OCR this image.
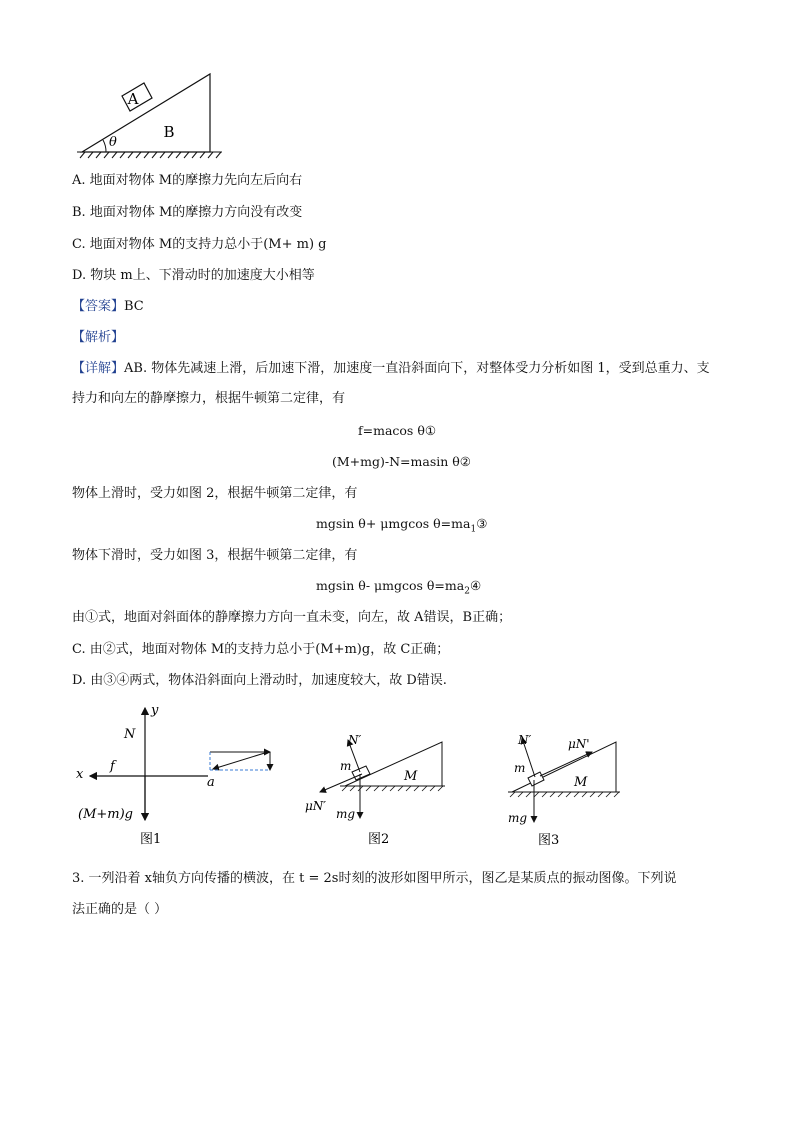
A
B
θ
A. 地面对物体 M的摩擦力先向左后向右
B. 地面对物体 M的摩擦力方向没有改变
C. 地面对物体 M的支持力总小于(M+ m) g
D. 物块 m上、下滑动时的加速度大小相等
【答案】BC
【解析】
【详解】AB. 物体先减速上滑，后加速下滑，加速度一直沿斜面向下，对整体受力分析如图 1，受到总重力、支持力和向左的静摩擦力，根据牛顿第二定律，有
f=macos θ①
(M+mg)-N=masin θ②
物体上滑时，受力如图 2，根据牛顿第二定律，有
mgsin θ+ μmgcos $\theta=ma_1③$
物体下滑时，受力如图 3，根据牛顿第二定律，有
mgsin θ- μmgcos $\theta=ma_2④$
由①式，地面对斜面体的静摩擦力方向一直未变，向左，故 A错误，B正确；
C. 由②式，地面对物体 M的支持力总小于(M+m)g，故 C正确；
D. 由③④两式，物体沿斜面向上滑动时，加速度较大，故 D错误.
y
N
x
f
a
(M+m)g
图1
N′
m
M
μN′
mg
图2
N′	μN'
m
M
mg
图3
3. 一列沿着 x轴负方向传播的横波，在 t = 2s时刻的波形如图甲所示，图乙是某质点的振动图像。下列说
法正确的是（ ）
